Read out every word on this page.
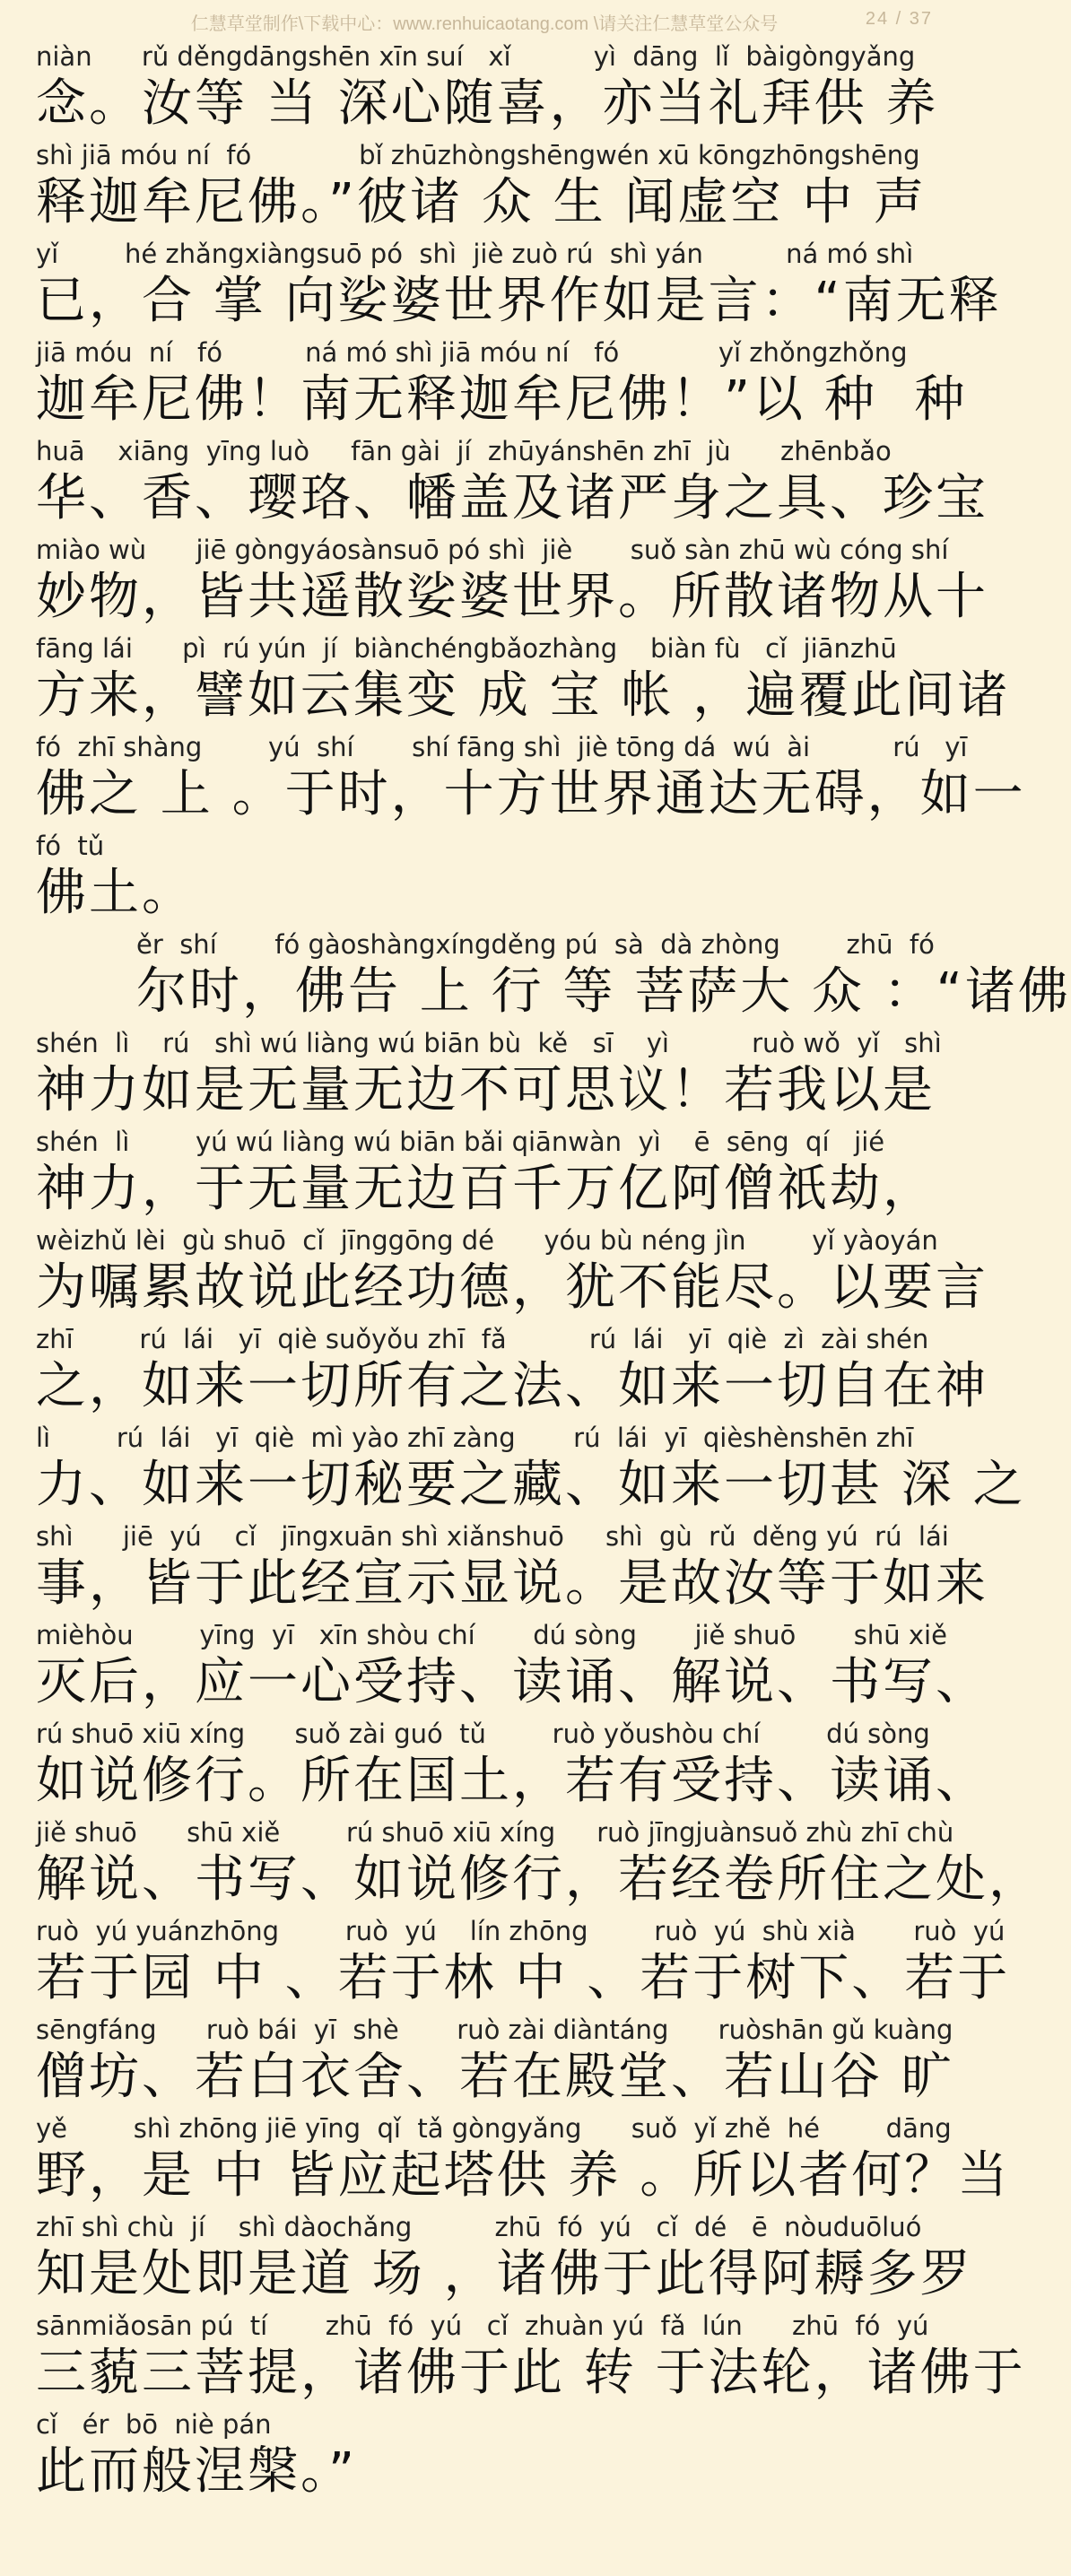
仁慧草堂制作\下载中心：www.renhuicaotang.com \请关注仁慧草堂公众号	24 / 37
niàn      rǔ děngdāngshēn xīn suí   xǐ          yì  dāng  lǐ  bàigòngyǎng
念。汝等 当 深心随喜，亦当礼拜供 养
shì jiā móu ní  fó             bǐ zhūzhòngshēngwén xū kōngzhōngshēng
释迦牟尼佛。”彼诸 众 生 闻虚空 中 声
yǐ        hé zhǎngxiàngsuō pó  shì  jiè zuò rú  shì yán          ná mó shì
已，合 掌 向娑婆世界作如是言：“南无释
jiā móu  ní   fó          ná mó shì jiā móu ní   fó            yǐ zhǒngzhǒng
迦牟尼佛！南无释迦牟尼佛！”以 种  种
huā    xiāng  yīng luò     fān gài  jí  zhūyánshēn zhī  jù      zhēnbǎo
华、香、璎珞、幡盖及诸严身之具、珍宝
miào wù      jiē gòngyáosànsuō pó shì  jiè       suǒ sàn zhū wù cóng shí
妙物，皆共遥散娑婆世界。所散诸物从十
fāng lái      pì  rú yún  jí  biànchéngbǎozhàng    biàn fù   cǐ  jiānzhū
方来，譬如云集变 成 宝 帐 ，遍覆此间诸
fó  zhī shàng        yú  shí       shí fāng shì  jiè tōng dá  wú  ài          rú   yī
佛之 上 。于时，十方世界通达无碍，如一
fó  tǔ
佛土。
ěr  shí       fó gàoshàngxíngděng pú  sà  dà zhòng        zhū  fó
尔时，佛告 上 行 等 菩萨大 众 ：“诸佛
shén  lì    rú   shì wú liàng wú biān bù  kě   sī    yì          ruò wǒ  yǐ   shì
神力如是无量无边不可思议！若我以是
shén  lì        yú wú liàng wú biān bǎi qiānwàn  yì    ē  sēng  qí   jié
神力，于无量无边百千万亿阿僧祇劫，
wèizhǔ lèi  gù shuō  cǐ  jīnggōng dé      yóu bù néng jìn        yǐ yàoyán
为嘱累故说此经功德，犹不能尽。以要言
zhī        rú  lái   yī  qiè suǒyǒu zhī  fǎ          rú  lái   yī  qiè  zì  zài shén
之，如来一切所有之法、如来一切自在神
lì        rú  lái   yī  qiè  mì yào zhī zàng       rú  lái  yī  qièshènshēn zhī
力、如来一切秘要之藏、如来一切甚 深 之
shì      jiē  yú    cǐ   jīngxuān shì xiǎnshuō     shì  gù  rǔ  děng yú  rú  lái
事，皆于此经宣示显说。是故汝等于如来
mièhòu        yīng  yī   xīn shòu chí       dú sòng       jiě shuō       shū xiě
灭后，应一心受持、读诵、解说、书写、
rú shuō xiū xíng      suǒ zài guó  tǔ        ruò yǒushòu chí        dú sòng
如说修行。所在国土，若有受持、读诵、
jiě shuō      shū xiě        rú shuō xiū xíng     ruò jīngjuànsuǒ zhù zhī chù
解说、书写、如说修行，若经卷所住之处，
ruò  yú yuánzhōng        ruò  yú    lín zhōng        ruò  yú  shù xià       ruò  yú
若于园 中 、若于林 中 、若于树下、若于
sēngfáng      ruò bái  yī  shè       ruò zài diàntáng      ruòshān gǔ kuàng
僧坊、若白衣舍、若在殿堂、若山谷 旷
yě        shì zhōng jiē yīng  qǐ  tǎ gòngyǎng      suǒ  yǐ zhě  hé        dāng
野，是 中 皆应起塔供 养 。所以者何？当
zhī shì chù  jí    shì dàochǎng          zhū  fó  yú   cǐ  dé   ē  nòuduōluó
知是处即是道 场 ，诸佛于此得阿耨多罗
sānmiǎosān pú  tí       zhū  fó  yú   cǐ  zhuàn yú  fǎ  lún      zhū  fó  yú
三藐三菩提，诸佛于此 转 于法轮，诸佛于
cǐ   ér  bō  niè pán
此而般涅槃。”
